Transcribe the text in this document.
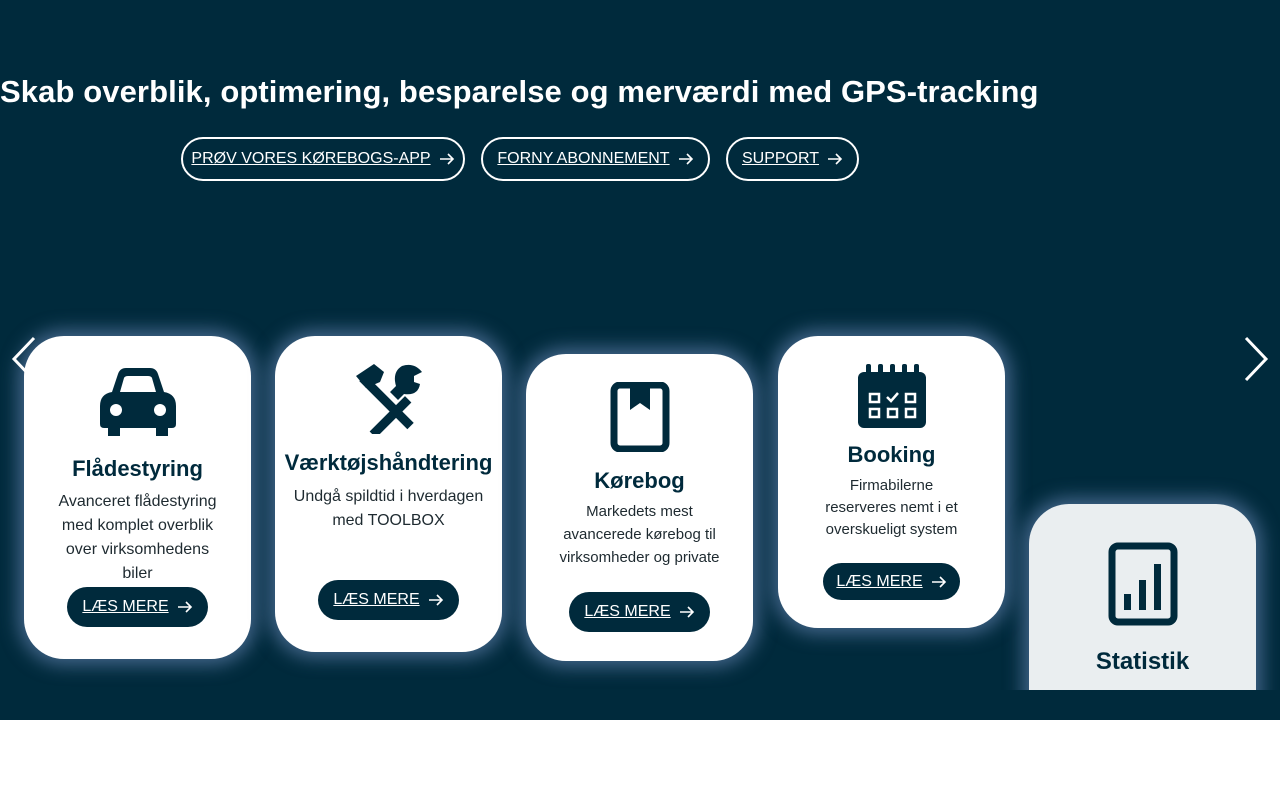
Skab overblik, optimering, besparelse og merværdi med GPS-tracking
PRØV VORES KØREBOGS-APP	FORNY ABONNEMENT	SUPPORT
Flådestyring
Avanceret flådestyring med komplet overblik over virksomhedens biler
LÆS MERE
Værktøjshåndtering
Undgå spildtid i hverdagen med TOOLBOX
LÆS MERE
Kørebog
Markedets mest avancerede kørebog til virksomheder og private
LÆS MERE
Booking
Firmabilerne reserveres nemt i et overskueligt system
LÆS MERE
Statistik
